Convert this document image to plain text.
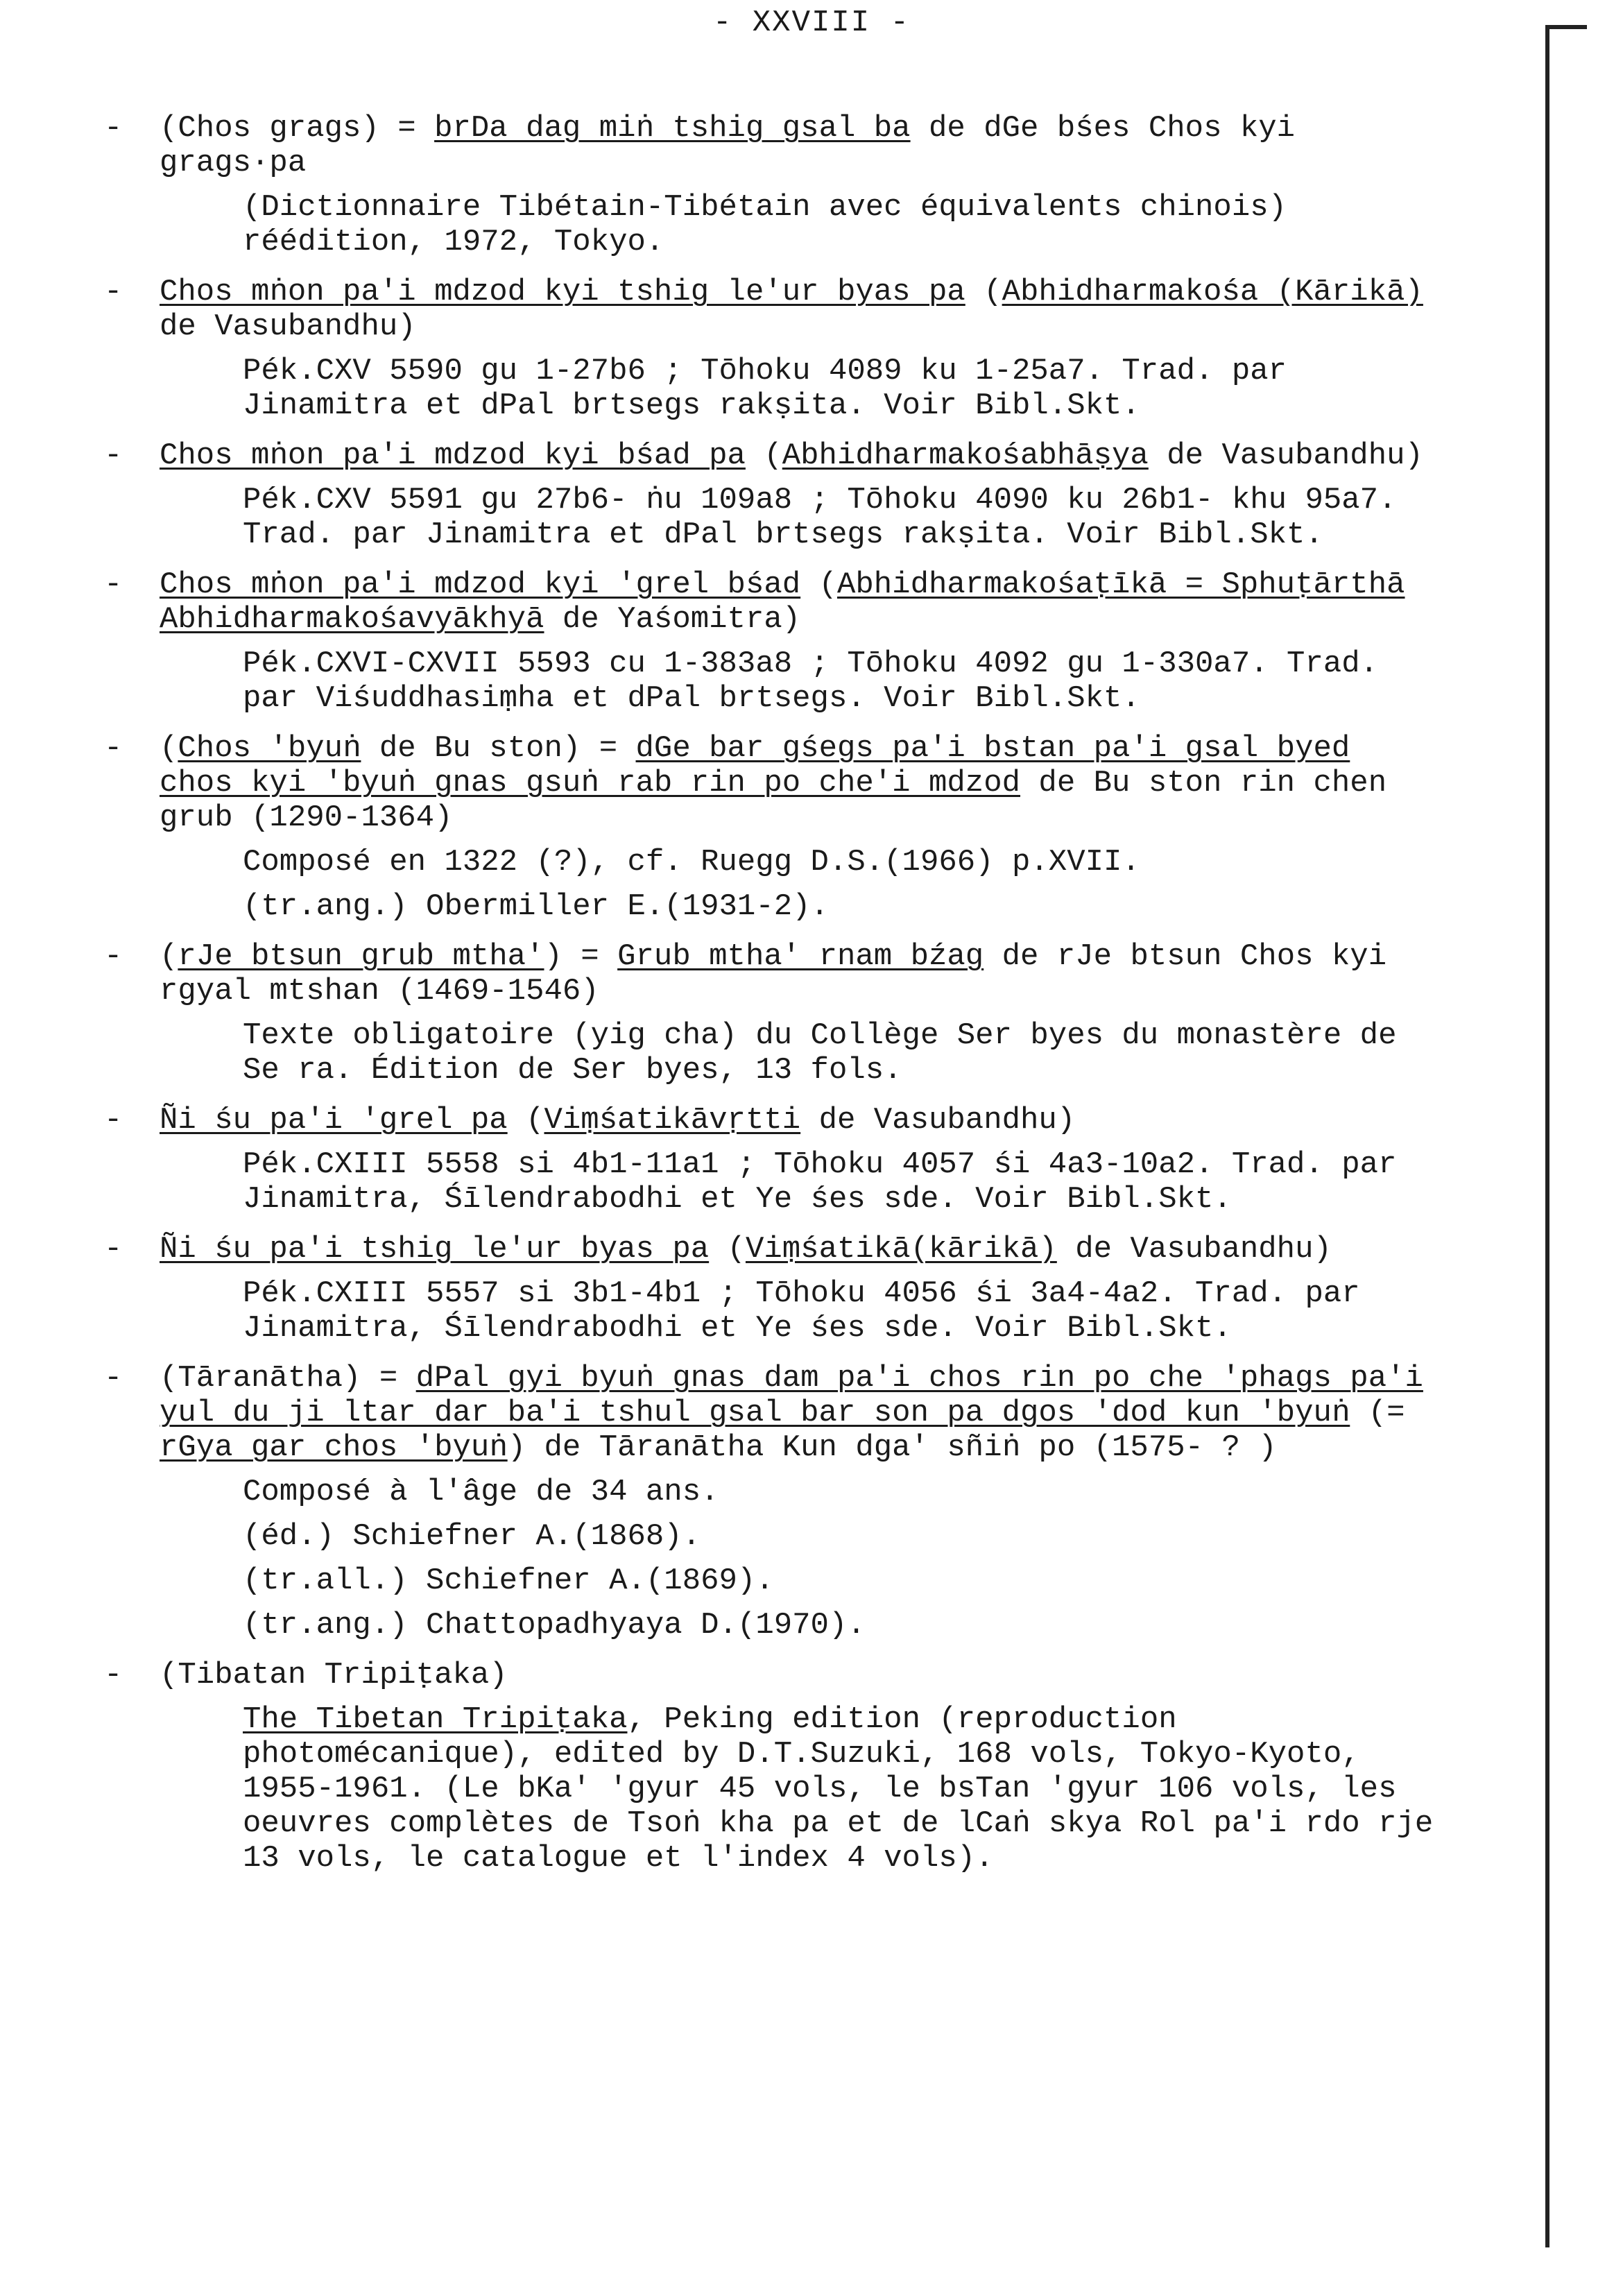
- XXVIII -
- (Chos grags) = brDa dag miṅ tshig gsal ba de dGe bśes Chos kyi grags·pa
(Dictionnaire Tibétain-Tibétain avec équivalents chinois) réédition, 1972, Tokyo.
- Chos mṅon pa'i mdzod kyi tshig le'ur byas pa (Abhidharmakośa (Kārikā) de Vasubandhu)
Pék.CXV 5590 gu 1-27b6 ; Tōhoku 4089 ku 1-25a7. Trad. par Jinamitra et dPal brtsegs rakṣita. Voir Bibl.Skt.
- Chos mṅon pa'i mdzod kyi bśad pa (Abhidharmakośabhāṣya de Vasubandhu)
Pék.CXV 5591 gu 27b6- ṅu 109a8 ; Tōhoku 4090 ku 26b1- khu 95a7. Trad. par Jinamitra et dPal brtsegs rakṣita. Voir Bibl.Skt.
- Chos mṅon pa'i mdzod kyi 'grel bśad (Abhidharmakośaṭīkā = Sphuṭārthā Abhidharmakośavyākhyā de Yaśomitra)
Pék.CXVI-CXVII 5593 cu 1-383a8 ; Tōhoku 4092 gu 1-330a7. Trad. par Viśuddhasiṃha et dPal brtsegs. Voir Bibl.Skt.
- (Chos 'byuṅ de Bu ston) = dGe bar gśegs pa'i bstan pa'i gsal byed chos kyi 'byuṅ gnas gsuṅ rab rin po che'i mdzod de Bu ston rin chen grub (1290-1364)
Composé en 1322 (?), cf. Ruegg D.S.(1966) p.XVII.
(tr.ang.) Obermiller E.(1931-2).
- (rJe btsun grub mtha') = Grub mtha' rnam bźag de rJe btsun Chos kyi rgyal mtshan (1469-1546)
Texte obligatoire (yig cha) du Collège Ser byes du monastère de Se ra. Édition de Ser byes, 13 fols.
- Ñi śu pa'i 'grel pa (Viṃśatikāvṛtti de Vasubandhu)
Pék.CXIII 5558 si 4b1-11a1 ; Tōhoku 4057 śi 4a3-10a2. Trad. par Jinamitra, Śīlendrabodhi et Ye śes sde. Voir Bibl.Skt.
- Ñi śu pa'i tshig le'ur byas pa (Viṃśatikā(kārikā) de Vasubandhu)
Pék.CXIII 5557 si 3b1-4b1 ; Tōhoku 4056 śi 3a4-4a2. Trad. par Jinamitra, Śīlendrabodhi et Ye śes sde. Voir Bibl.Skt.
- (Tāranātha) = dPal gyi byuṅ gnas dam pa'i chos rin po che 'phags pa'i yul du ji ltar dar ba'i tshul gsal bar son pa dgos 'dod kun 'byuṅ (= rGya gar chos 'byuṅ) de Tāranātha Kun dga' sñiṅ po (1575- ? )
Composé à l'âge de 34 ans.
(éd.) Schiefner A.(1868).
(tr.all.) Schiefner A.(1869).
(tr.ang.) Chattopadhyaya D.(1970).
- (Tibatan Tripiṭaka)
The Tibetan Tripiṭaka, Peking edition (reproduction photomécanique), edited by D.T.Suzuki, 168 vols, Tokyo-Kyoto, 1955-1961. (Le bKa' 'gyur 45 vols, le bsTan 'gyur 106 vols, les oeuvres complètes de Tsoṅ kha pa et de lCaṅ skya Rol pa'i rdo rje 13 vols, le catalogue et l'index 4 vols).
